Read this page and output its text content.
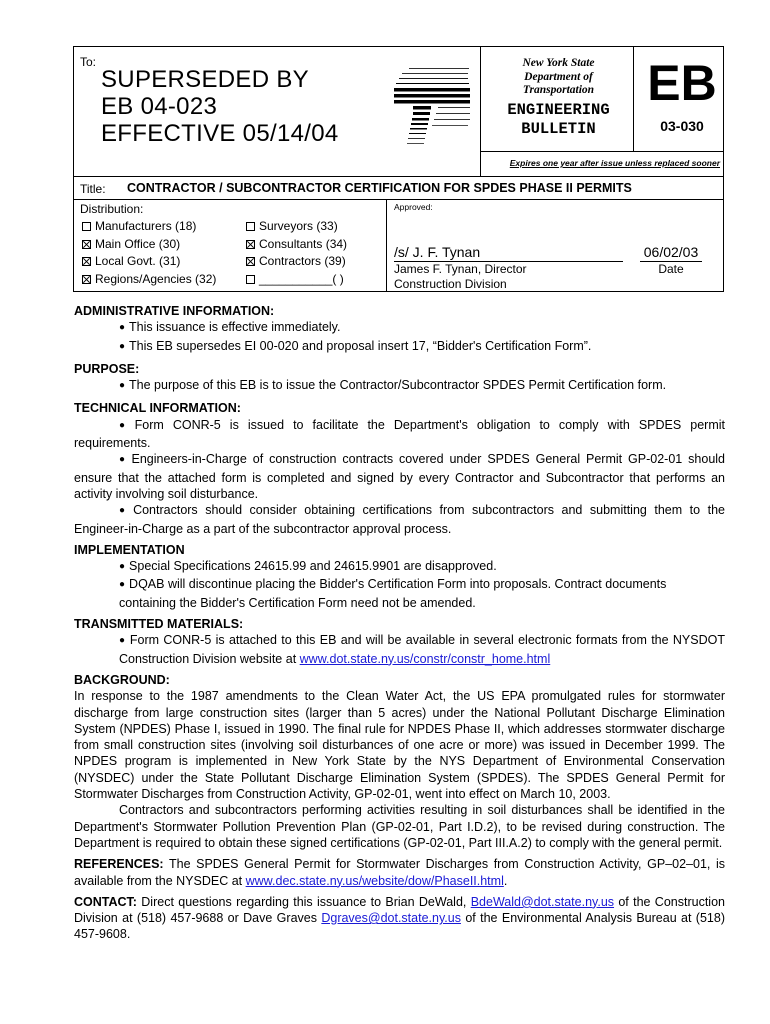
To:
SUPERSEDED BY
EB 04-023
EFFECTIVE 05/14/04
New York State
Department of
Transportation
ENGINEERING
BULLETIN
EB
03-030
Expires one year after issue unless replaced sooner
Title: CONTRACTOR / SUBCONTRACTOR CERTIFICATION FOR SPDES PHASE II PERMITS
Distribution:
Manufacturers (18)
Main Office (30)
Local Govt. (31)
Regions/Agencies (32)
Surveyors (33)
Consultants (34)
Contractors (39)
___________( )
Approved:
/s/ J. F. Tynan	06/02/03
James F. Tynan, Director
Construction Division
Date

ADMINISTRATIVE INFORMATION:

● This issuance is effective immediately.

● This EB supersedes EI 00-020 and proposal insert 17, “Bidder's Certification Form”.

PURPOSE:

● The purpose of this EB is to issue the Contractor/Subcontractor SPDES Permit Certification form.

TECHNICAL INFORMATION:

● Form CONR-5 is issued to facilitate the Department's obligation to comply with SPDES permit requirements.

● Engineers-in-Charge of construction contracts covered under SPDES General Permit GP-02-01 should ensure that the attached form is completed and signed by every Contractor and Subcontractor that performs an activity involving soil disturbance.

● Contractors should consider obtaining certifications from subcontractors and submitting them to the Engineer-in-Charge as a part of the subcontractor approval process.

IMPLEMENTATION

● Special Specifications 24615.99 and 24615.9901 are disapproved.

● DQAB will discontinue placing the Bidder's Certification Form into proposals. Contract documents containing the Bidder's Certification Form need not be amended.

TRANSMITTED MATERIALS:

● Form CONR-5 is attached to this EB and will be available in several electronic formats from the NYSDOT Construction Division website at www.dot.state.ny.us/constr/constr_home.html

BACKGROUND:

In response to the 1987 amendments to the Clean Water Act, the US EPA promulgated rules for stormwater discharge from large construction sites (larger than 5 acres) under the National Pollutant Discharge Elimination System (NPDES) Phase I, issued in 1990. The final rule for NPDES Phase II, which addresses stormwater discharge from small construction sites (involving soil disturbances of one acre or more) was issued in December 1999. The NPDES program is implemented in New York State by the NYS Department of Environmental Conservation (NYSDEC) under the State Pollutant Discharge Elimination System (SPDES). The SPDES General Permit for Stormwater Discharges from Construction Activity, GP-02-01, went into effect on March 10, 2003.

Contractors and subcontractors performing activities resulting in soil disturbances shall be identified in the Department's Stormwater Pollution Prevention Plan (GP-02-01, Part I.D.2), to be revised during construction. The Department is required to obtain these signed certifications (GP-02-01, Part III.A.2) to comply with the general permit.

REFERENCES: The SPDES General Permit for Stormwater Discharges from Construction Activity, GP–02–01, is available from the NYSDEC at www.dec.state.ny.us/website/dow/PhaseII.html.

CONTACT: Direct questions regarding this issuance to Brian DeWald, BdeWald@dot.state.ny.us of the Construction Division at (518) 457-9688 or Dave Graves Dgraves@dot.state.ny.us of the Environmental Analysis Bureau at (518) 457-9608.
